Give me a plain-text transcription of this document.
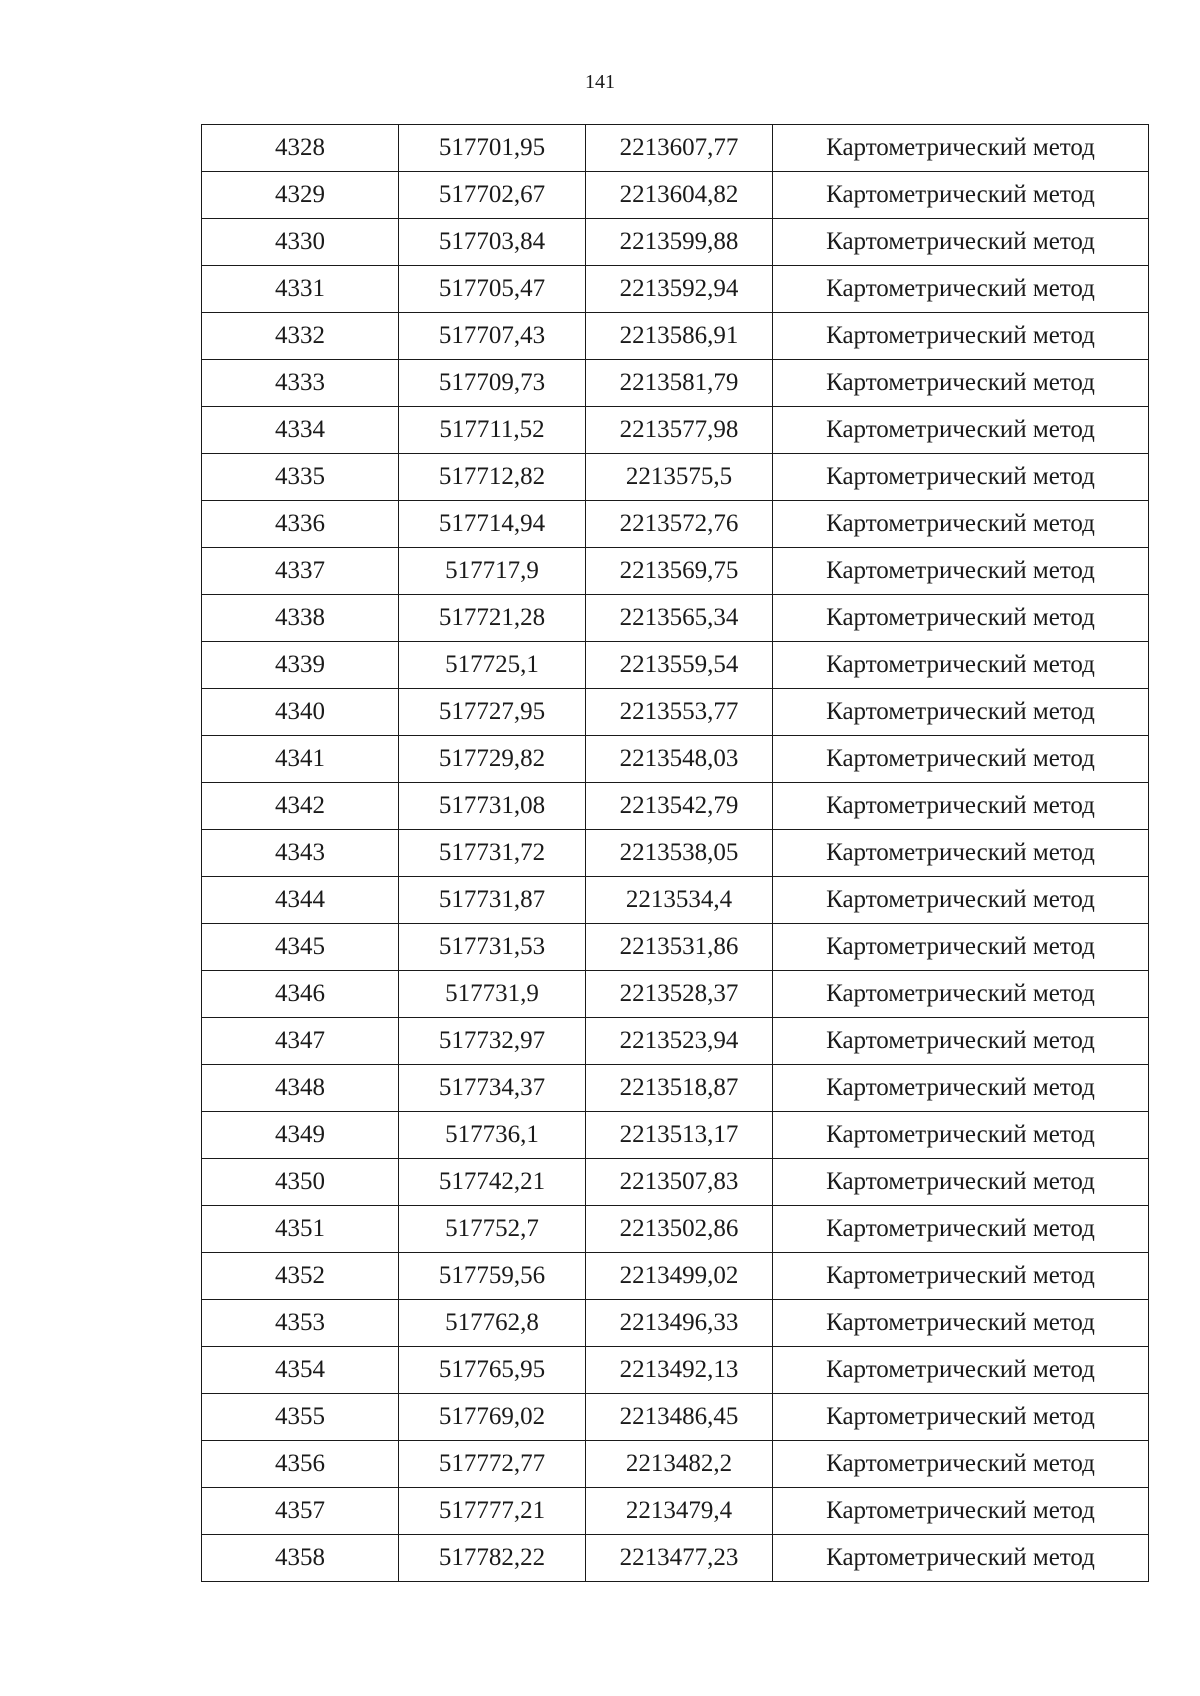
141
4328	517701,95	2213607,77	Картометрический метод
4329	517702,67	2213604,82	Картометрический метод
4330	517703,84	2213599,88	Картометрический метод
4331	517705,47	2213592,94	Картометрический метод
4332	517707,43	2213586,91	Картометрический метод
4333	517709,73	2213581,79	Картометрический метод
4334	517711,52	2213577,98	Картометрический метод
4335	517712,82	2213575,5	Картометрический метод
4336	517714,94	2213572,76	Картометрический метод
4337	517717,9	2213569,75	Картометрический метод
4338	517721,28	2213565,34	Картометрический метод
4339	517725,1	2213559,54	Картометрический метод
4340	517727,95	2213553,77	Картометрический метод
4341	517729,82	2213548,03	Картометрический метод
4342	517731,08	2213542,79	Картометрический метод
4343	517731,72	2213538,05	Картометрический метод
4344	517731,87	2213534,4	Картометрический метод
4345	517731,53	2213531,86	Картометрический метод
4346	517731,9	2213528,37	Картометрический метод
4347	517732,97	2213523,94	Картометрический метод
4348	517734,37	2213518,87	Картометрический метод
4349	517736,1	2213513,17	Картометрический метод
4350	517742,21	2213507,83	Картометрический метод
4351	517752,7	2213502,86	Картометрический метод
4352	517759,56	2213499,02	Картометрический метод
4353	517762,8	2213496,33	Картометрический метод
4354	517765,95	2213492,13	Картометрический метод
4355	517769,02	2213486,45	Картометрический метод
4356	517772,77	2213482,2	Картометрический метод
4357	517777,21	2213479,4	Картометрический метод
4358	517782,22	2213477,23	Картометрический метод
